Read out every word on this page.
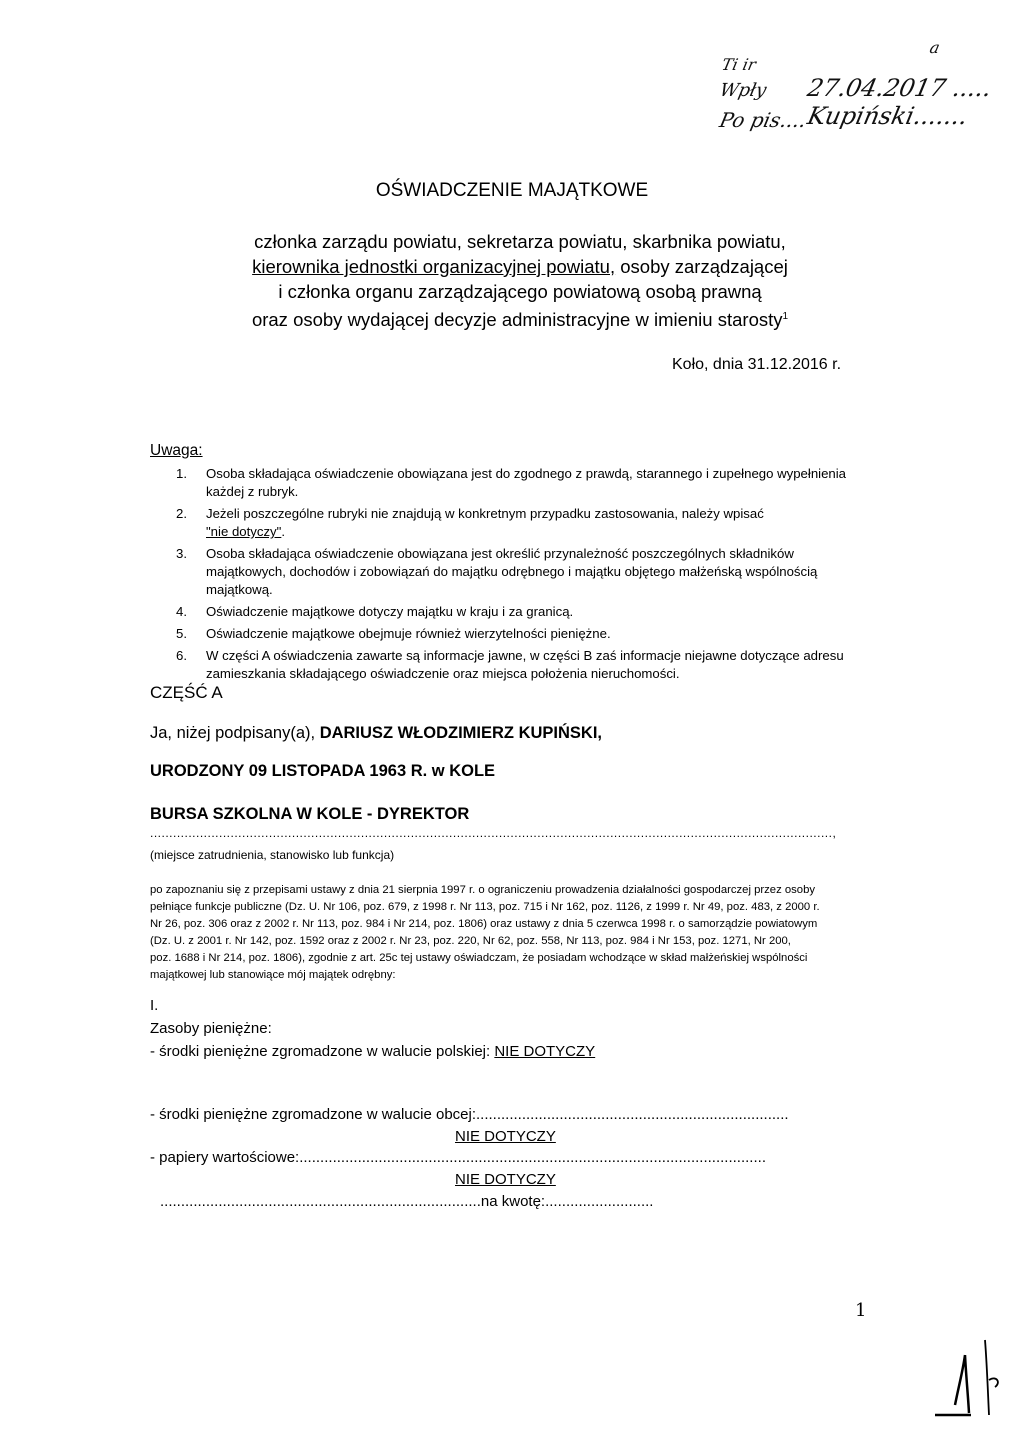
Ti ir
Wpły
Po pis....
27.04.2017 .....
Kupiński.......
a
OŚWIADCZENIE MAJĄTKOWE
członka zarządu powiatu, sekretarza powiatu, skarbnika powiatu,
kierownika jednostki organizacyjnej powiatu, osoby zarządzającej
i członka organu zarządzającego powiatową osobą prawną
oraz osoby wydającej decyzje administracyjne w imieniu starosty$^1$
Koło, dnia 31.12.2016 r.
Uwaga:
1. Osoba składająca oświadczenie obowiązana jest do zgodnego z prawdą, starannego i zupełnego wypełnienia każdej z rubryk.
2. Jeżeli poszczególne rubryki nie znajdują w konkretnym przypadku zastosowania, należy wpisać
"nie dotyczy".
3. Osoba składająca oświadczenie obowiązana jest określić przynależność poszczególnych składników majątkowych, dochodów i zobowiązań do majątku odrębnego i majątku objętego małżeńską wspólnością majątkową.
4. Oświadczenie majątkowe dotyczy majątku w kraju i za granicą.
5. Oświadczenie majątkowe obejmuje również wierzytelności pieniężne.
6. W części A oświadczenia zawarte są informacje jawne, w części B zaś informacje niejawne dotyczące adresu zamieszkania składającego oświadczenie oraz miejsca położenia nieruchomości.
CZĘŚĆ A
Ja, niżej podpisany(a), DARIUSZ WŁODZIMIERZ KUPIŃSKI,
URODZONY 09 LISTOPADA 1963 R. w KOLE
BURSA SZKOLNA W KOLE - DYREKTOR
..................................................................................................................................................................................,
(miejsce zatrudnienia, stanowisko lub funkcja)
po zapoznaniu się z przepisami ustawy z dnia 21 sierpnia 1997 r. o ograniczeniu prowadzenia działalności gospodarczej przez osoby
pełniące funkcje publiczne (Dz. U. Nr 106, poz. 679, z 1998 r. Nr 113, poz. 715 i Nr 162, poz. 1126, z 1999 r. Nr 49, poz. 483, z 2000 r.
Nr 26, poz. 306 oraz z 2002 r. Nr 113, poz. 984 i Nr 214, poz. 1806) oraz ustawy z dnia 5 czerwca 1998 r. o samorządzie powiatowym
(Dz. U. z 2001 r. Nr 142, poz. 1592 oraz z 2002 r. Nr 23, poz. 220, Nr 62, poz. 558, Nr 113, poz. 984 i Nr 153, poz. 1271, Nr 200,
poz. 1688 i Nr 214, poz. 1806), zgodnie z art. 25c tej ustawy oświadczam, że posiadam wchodzące w skład małżeńskiej wspólności
majątkowej lub stanowiące mój majątek odrębny:
I.
Zasoby pieniężne:
- środki pieniężne zgromadzone w walucie polskiej: NIE DOTYCZY
- środki pieniężne zgromadzone w walucie obcej:...........................................................................
NIE DOTYCZY
- papiery wartościowe:................................................................................................................
NIE DOTYCZY
.............................................................................na kwotę:..........................
1
